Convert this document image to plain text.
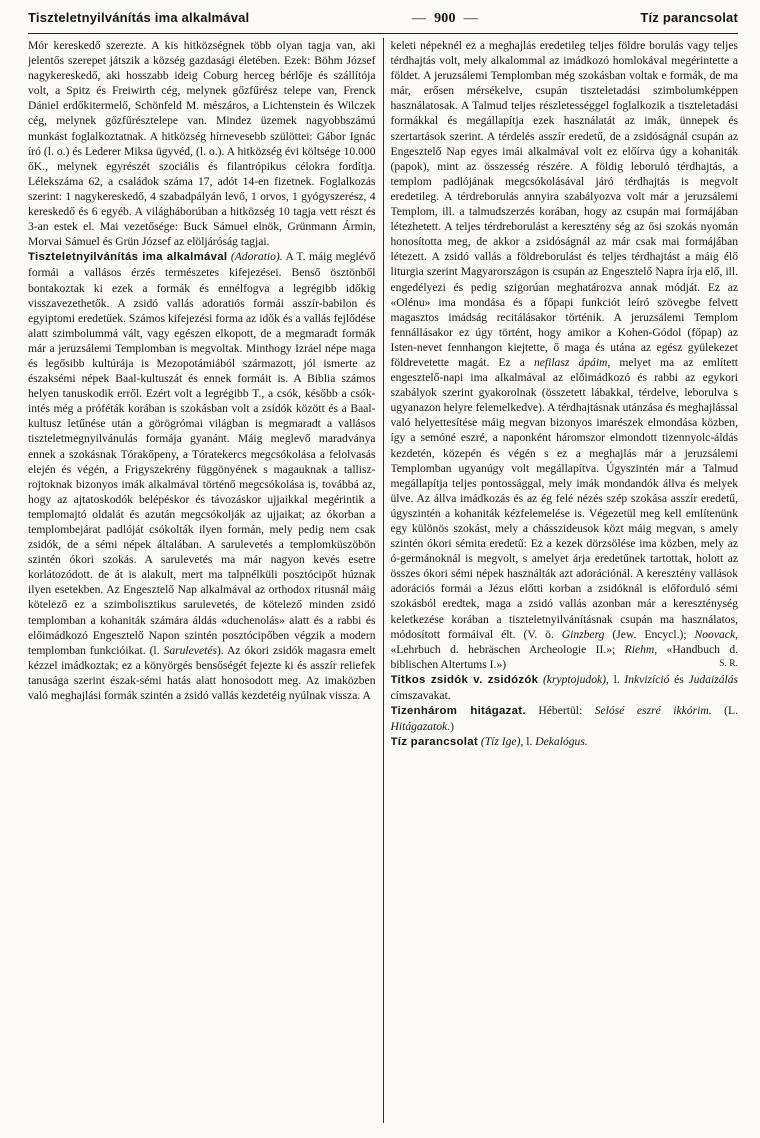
Tiszteletnyilvánítás ima alkalmával
—	900 —	Tíz parancsolat

Mór kereskedő szerezte. A kis hitközségnek több olyan tagja van, aki jelentős szerepet játszik a község gazdasági életében. Ezek: Böhm József nagykereskedő, aki hosszabb ideig Coburg herceg bérlője és szállítója volt, a Spitz és Freiwirth cég, melynek gőzfűrész telepe van, Frenck Dániel erdőkitermelő, Schönfeld M. mészáros, a Lichtenstein és Wilczek cég, melynek gőzfűrésztelepe van. Mindez üzemek nagyobbszámú munkást foglalkoztatnak. A hitközség hírnevesebb szülöttei: Gábor Ignác író (l. o.) és Lederer Miksa ügyvéd, (l. o.). A hitközség évi költsége 10.000 őK., melynek egyrészét szociális és filantrópikus célokra fordítja. Lélekszáma 62, a családok száma 17, adót 14-en fizetnek. Foglalkozás szerint: 1 nagykereskedő, 4 szabadpályán levő, 1 orvos, 1 gyógyszerész, 4 kereskedő és 6 egyéb. A világháborúban a hitközség 10 tagja vett részt és 3-an estek el. Mai vezetősége: Buck Sámuel elnök, Grünmann Ármin, Morvai Sámuel és Grün József az elöljáróság tagjai.

Tiszteletnyilvánítás ima alkalmával (Adoratio). A T. máig meglévő formái a vallásos érzés természetes kifejezései. Benső ösztönből bontakoztak ki ezek a formák és ennélfogva a legrégibb időkig visszavezethetők. A zsidó vallás adoratiós formái asszír-babilon és egyiptomi eredetűek. Számos kifejezési forma az idők és a vallás fejlődése alatt szimbolummá vált, vagy egészen elkopott, de a megmaradt formák már a jeruzsálemi Templomban is megvoltak. Minthogy Izráel népe maga és legősibb kultúrája is Mezopotámiából származott, jól ismerte az északsémi népek Baal-kultuszát és ennek formáit is. A Biblia számos helyen tanuskodik erről. Ezért volt a legrégibb T., a csók, később a csók-intés még a próféták korában is szokásban volt a zsidók között és a Baal-kultusz letűnése után a görögrómai világban is megmaradt a vallásos tiszteletmegnyilvánulás formája gyanánt. Máig meglevő maradványa ennek a szokásnak Tórakőpeny, a Tóratekercs megcsókolása a felolvasás elején és végén, a Frigyszekrény függönyének s magauknak a tallisz-rojtoknak bizonyos imák alkalmával történő megcsókolása is, továbbá az, hogy az ajtatoskodók belépéskor és távozáskor ujjaikkal megérintik a templomajtó oldalát és azután megcsókolják az ujjaikat; az ókorban a templombejárat padlóját csókolták ilyen formán, mely pedig nem csak zsidók, de a sémi népek általában. A sarulevetés a templomküszöbön szintén ókori szokás. A sarulevetés ma már nagyon kevés esetre korlátozódott. de át is alakult, mert ma talpnélküli posztócipőt húznak ilyen esetekben. Az Engesztelő Nap alkalmával az orthodox ritusnál máig kötelező ez a szimbolisztikus sarulevetés, de kötelező minden zsidó templomban a kohaniták számára áldás «duchenolás» alatt és a rabbi és előimádkozó Engesztelő Napon szintén posztócipőben végzik a modern templomban funkcióikat. (l. Sarulevetés). Az ókori zsidók magasra emelt kézzel imádkoztak; ez a könyörgés bensőségét fejezte ki és asszír reliefek tanusága szerint észak-sémi hatás alatt honosodott meg. Az imaközben való meghajlási formák szintén a zsidó vallás kezdetéig nyúlnak vissza. A

keleti népeknél ez a meghajlás eredetileg teljes földre borulás vagy teljes térdhajtás volt, mely alkalommal az imádkozó homlokával megérintette a földet. A jeruzsálemi Templomban még szokásban voltak e formák, de ma már, erősen mérsékelve, csupán tiszteletadási szimbolumképpen használatosak. A Talmud teljes részletességgel foglalkozik a tiszteletadási formákkal és megállapítja ezek használatát az imák, ünnepek és szertartások szerint. A térdelés asszír eredetű, de a zsidóságnál csupán az Engesztelő Nap egyes imái alkalmával volt ez előírva úgy a kohaniták (papok), mint az összesség részére. A földig leboruló térdhajtás, a templom padlójának megcsókolásával járó térdhajtás is megvolt eredetileg. A térdreborulás annyira szabályozva volt már a jeruzsálemi Templom, ill. a talmudszerzés korában, hogy az csupán mai formájában létezhetett. A teljes térdreborulást a keresztény ség az ősi szokás nyomán honosította meg, de akkor a zsidóságnál az már csak mai formájában létezett. A zsidó vallás a földreborulást és teljes térdhajtást a máig élő liturgia szerint Magyarországon is csupán az Engesztelő Napra írja elő, ill. engedélyezi és pedig szigorúan meghatározva annak módját. Ez az «Olénu» ima mondása és a főpapi funkciót leíró szövegbe felvett magasztos imádság recitálásakor történik. A jeruzsálemi Templom fennállásakor ez úgy történt, hogy amikor a Kohen-Gódol (főpap) az Isten-nevet fennhangon kiejtette, ő maga és utána az egész gyülekezet földrevetette magát. Ez a nefilasz ápáim, melyet ma az említett engesztelő-napi ima alkalmával az előimádkozó és rabbi az egykori szabályok szerint gyakorolnak (összetett lábakkal, térdelve, leborulva s ugyanazon helyre felemelkedve). A térdhajtásnak utánzása és meghajlással való helyettesítése máig megvan bizonyos imarészek elmondása közben, így a semóné eszré, a naponként háromszor elmondott tizennyolc-áldás kezdetén, közepén és végén s ez a meghajlás már a jeruzsálemi Templomban ugyanúgy volt megállapítva. Úgyszintén már a Talmud megállapítja teljes pontossággal, mely imák mondandók állva és melyek ülve. Az állva imádkozás és az ég felé nézés szép szokása asszír eredetű, úgyszintén a kohaniták kézfelemelése is. Végezetül meg kell említenünk egy különös szokást, mely a chásszideusok közt máig megvan, s amely szintén ókori sémita eredetű: Ez a kezek dörzsölése ima közben, mely az ó-germánoknál is megvolt, s amelyet árja eredetűnek tartottak, holott az összes ókori sémi népek használták azt adorációnál. A keresztény vallások adorációs formái a Jézus előtti korban a zsidóknál is előforduló sémi szokásból eredtek, maga a zsidó vallás azonban már a kereszténység keletkezése korában a tiszteletnyilvánításnak csupán ma használatos, módosított formáival élt. (V. ö. Ginzberg (Jew. Encycl.); Noovack, «Lehrbuch d. hebräschen Archeologie II.»; Riehm, «Handbuch d. biblischen Altertums I.»)	S. R.

Titkos zsidók v. zsidózók (kryptojudok), l. Inkvizíció és Judaizálás címszavakat.

Tizenhárom hitágazat. Hébertül: Selósé eszré ikkórim. (L. Hitágazatok.)

Tíz parancsolat (Tíz Ige), l. Dekalógus.
